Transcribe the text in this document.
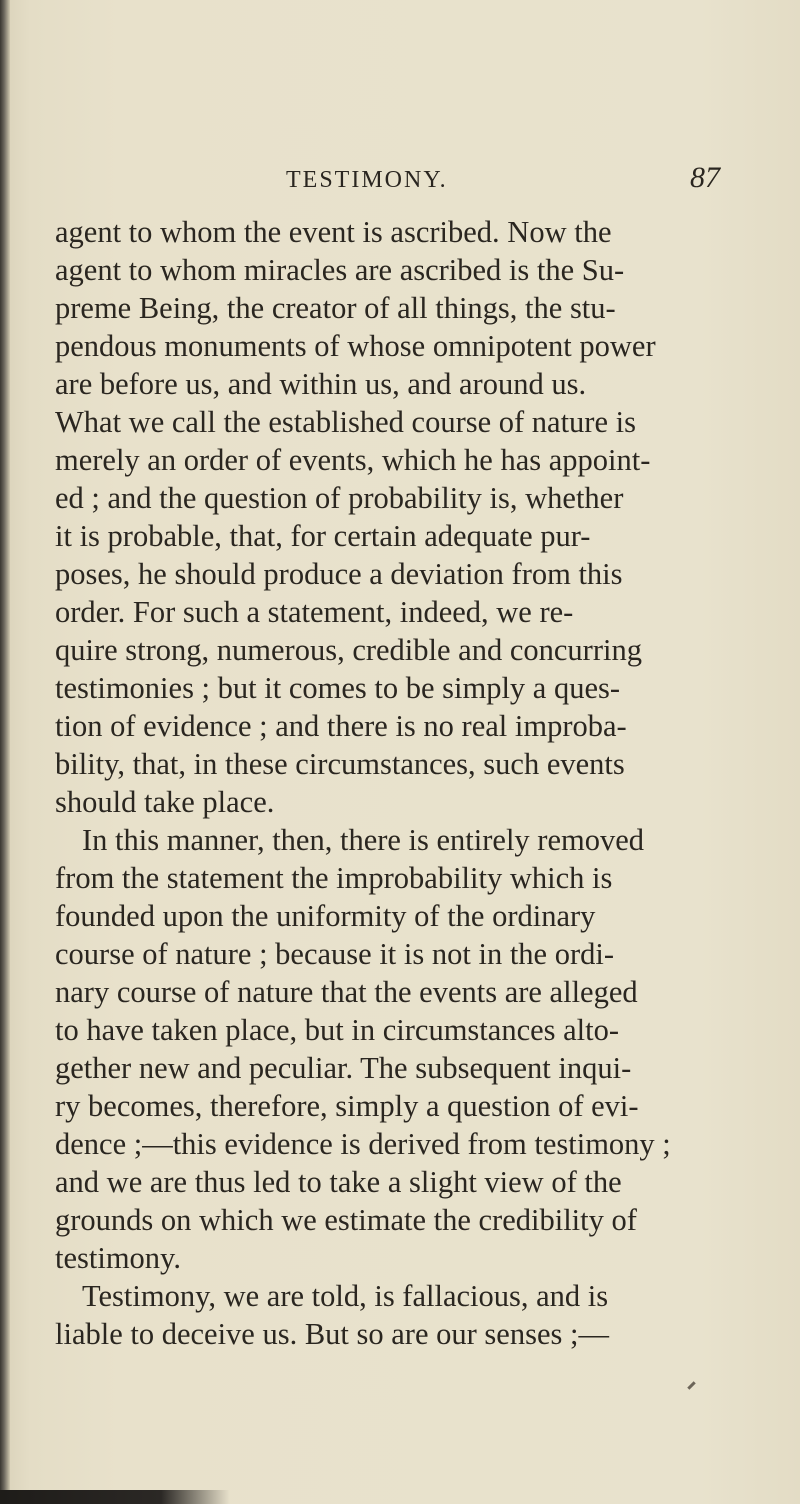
TESTIMONY.	87
agent to whom the event is ascribed. Now the
agent to whom miracles are ascribed is the Su-
preme Being, the creator of all things, the stu-
pendous monuments of whose omnipotent power
are before us, and within us, and around us.
What we call the established course of nature is
merely an order of events, which he has appoint-
ed ; and the question of probability is, whether
it is probable, that, for certain adequate pur-
poses, he should produce a deviation from this
order. For such a statement, indeed, we re-
quire strong, numerous, credible and concurring
testimonies ; but it comes to be simply a ques-
tion of evidence ; and there is no real improba-
bility, that, in these circumstances, such events
should take place.
In this manner, then, there is entirely removed
from the statement the improbability which is
founded upon the uniformity of the ordinary
course of nature ; because it is not in the ordi-
nary course of nature that the events are alleged
to have taken place, but in circumstances alto-
gether new and peculiar. The subsequent inqui-
ry becomes, therefore, simply a question of evi-
dence ;—this evidence is derived from testimony ;
and we are thus led to take a slight view of the
grounds on which we estimate the credibility of
testimony.
Testimony, we are told, is fallacious, and is
liable to deceive us. But so are our senses ;—
